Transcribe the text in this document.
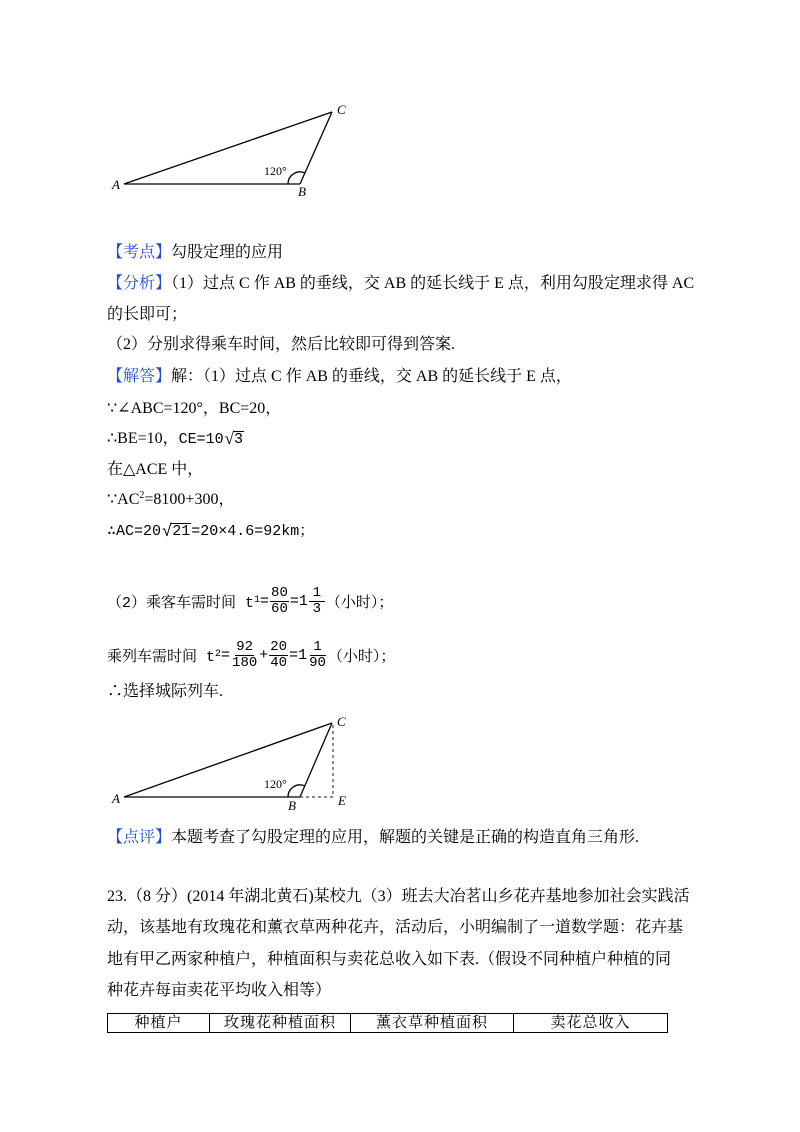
C
A	B
120°
【考点】勾股定理的应用
【分析】（1）过点 C 作 AB 的垂线，交 AB 的延长线于 E 点，利用勾股定理求得 AC
的长即可；
（2）分别求得乘车时间，然后比较即可得到答案.
【解答】解：（1）过点 C 作 AB 的垂线，交 AB 的延长线于 E 点，
∵∠ABC=120°，BC=20，
∴BE=10，CE=10√3
在△ACE 中，
$\because AC^2=8100+300$，
∴AC=20√21=20×4.6=92km；
（2）乘客车需时间 t $1 = \frac{80}{60} =1 \frac{1}{3}$ （小时）；
乘列车需时间 t $2 = \frac{92}{180} + \frac{20}{40} =1 \frac{1}{90}$ （小时）；
∴选择城际列车.
C
A	B	E
120°
【点评】本题考查了勾股定理的应用，解题的关键是正确的构造直角三角形.
23.（8 分）(2014 年湖北黄石)某校九（3）班去大冶茗山乡花卉基地参加社会实践活
动，该基地有玫瑰花和薰衣草两种花卉，活动后，小明编制了一道数学题：花卉基
地有甲乙两家种植户，种植面积与卖花总收入如下表.（假设不同种植户种植的同
种花卉每亩卖花平均收入相等）
种植户	玫瑰花种植面积	薰衣草种植面积	卖花总收入
